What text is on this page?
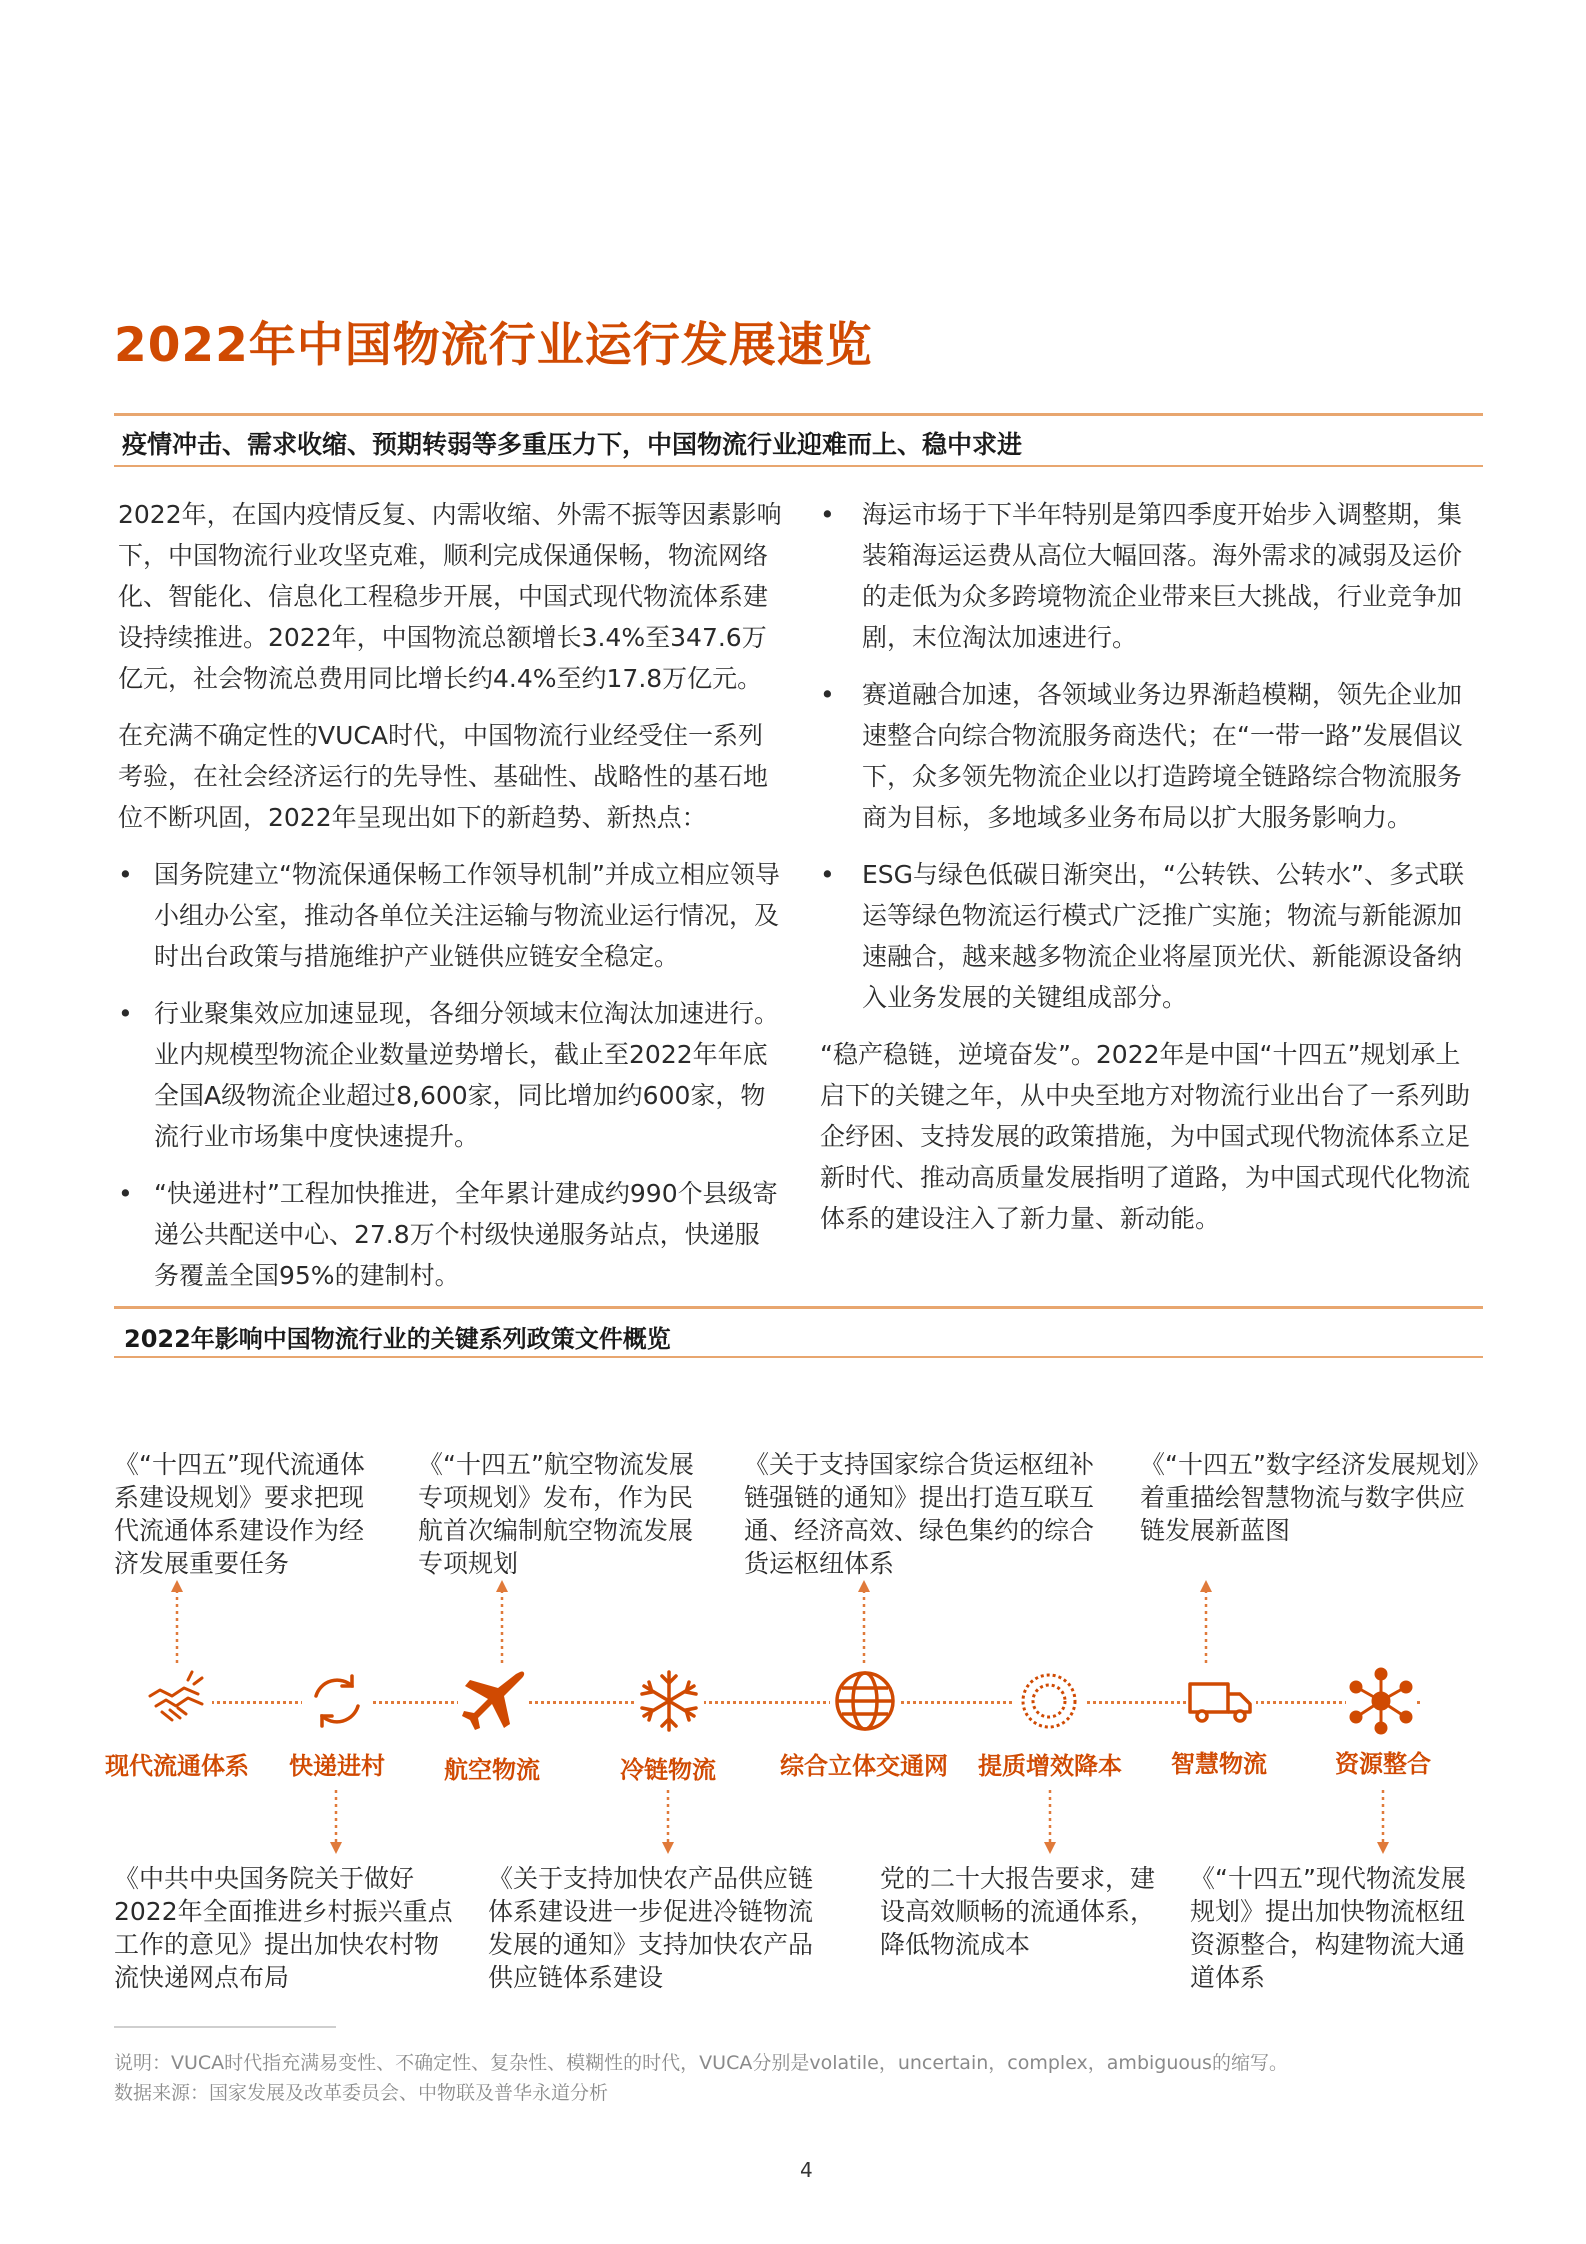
2022年中国物流行业运行发展速览
疫情冲击、需求收缩、预期转弱等多重压力下，中国物流行业迎难而上、稳中求进

2022年，在国内疫情反复、内需收缩、外需不振等因素影响下，中国物流行业攻坚克难，顺利完成保通保畅，物流网络化、智能化、信息化工程稳步开展，中国式现代物流体系建设持续推进。2022年，中国物流总额增长3.4%至347.6万亿元，社会物流总费用同比增长约4.4%至约17.8万亿元。

在充满不确定性的VUCA时代，中国物流行业经受住一系列考验，在社会经济运行的先导性、基础性、战略性的基石地位不断巩固，2022年呈现出如下的新趋势、新热点：

• 国务院建立“物流保通保畅工作领导机制”并成立相应领导小组办公室，推动各单位关注运输与物流业运行情况，及时出台政策与措施维护产业链供应链安全稳定。

• 行业聚集效应加速显现，各细分领域末位淘汰加速进行。业内规模型物流企业数量逆势增长，截止至2022年年底全国A级物流企业超过8,600家，同比增加约600家，物流行业市场集中度快速提升。

• “快递进村”工程加快推进，全年累计建成约990个县级寄递公共配送中心、27.8万个村级快递服务站点，快递服务覆盖全国95%的建制村。

• 海运市场于下半年特别是第四季度开始步入调整期，集装箱海运运费从高位大幅回落。海外需求的减弱及运价的走低为众多跨境物流企业带来巨大挑战，行业竞争加剧，末位淘汰加速进行。

• 赛道融合加速，各领域业务边界渐趋模糊，领先企业加速整合向综合物流服务商迭代；在“一带一路”发展倡议下，众多领先物流企业以打造跨境全链路综合物流服务商为目标，多地域多业务布局以扩大服务影响力。

• ESG与绿色低碳日渐突出，“公转铁、公转水”、多式联运等绿色物流运行模式广泛推广实施；物流与新能源加速融合，越来越多物流企业将屋顶光伏、新能源设备纳入业务发展的关键组成部分。

“稳产稳链，逆境奋发”。2022年是中国“十四五”规划承上启下的关键之年，从中央至地方对物流行业出台了一系列助企纾困、支持发展的政策措施，为中国式现代物流体系立足新时代、推动高质量发展指明了道路，为中国式现代化物流体系的建设注入了新力量、新动能。

2022年影响中国物流行业的关键系列政策文件概览
《“十四五”现代流通体系建设规划》要求把现代流通体系建设作为经济发展重要任务
《“十四五”航空物流发展专项规划》发布，作为民航首次编制航空物流发展专项规划
《关于支持国家综合货运枢纽补链强链的通知》提出打造互联互通、经济高效、绿色集约的综合货运枢纽体系
《“十四五”数字经济发展规划》着重描绘智慧物流与数字供应链发展新蓝图
现代流通体系 快递进村 航空物流	冷链物流	综合立体交通网 提质增效降本 智慧物流	资源整合
《中共中央国务院关于做好2022年全面推进乡村振兴重点工作的意见》提出加快农村物流快递网点布局
《关于支持加快农产品供应链体系建设进一步促进冷链物流发展的通知》支持加快农产品供应链体系建设
党的二十大报告要求，建设高效顺畅的流通体系，降低物流成本
《“十四五”现代物流发展规划》提出加快物流枢纽资源整合，构建物流大通道体系
说明：VUCA时代指充满易变性、不确定性、复杂性、模糊性的时代，VUCA分别是volatile，uncertain，complex，ambiguous的缩写。
数据来源：国家发展及改革委员会、中物联及普华永道分析
4
